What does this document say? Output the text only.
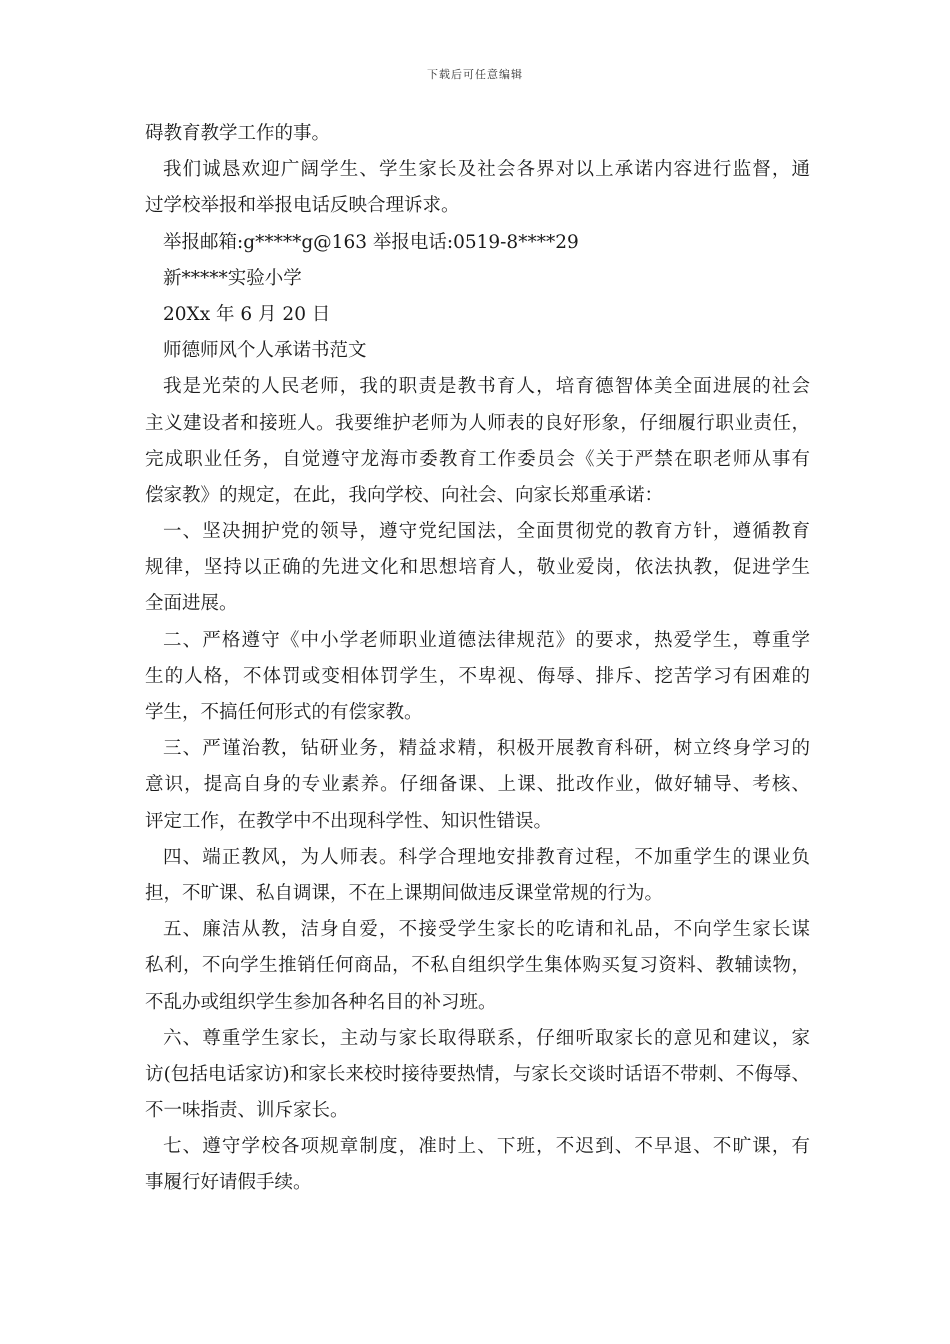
下载后可任意编辑
碍教育教学工作的事。
我们诚恳欢迎广阔学生、学生家长及社会各界对以上承诺内容进行监督，通
过学校举报和举报电话反映合理诉求。
举报邮箱:g*****g@163 举报电话:0519-8****29
新*****实验小学
20Xx 年 6 月 20 日
师德师风个人承诺书范文
我是光荣的人民老师，我的职责是教书育人，培育德智体美全面进展的社会
主义建设者和接班人。我要维护老师为人师表的良好形象，仔细履行职业责任，
完成职业任务，自觉遵守龙海市委教育工作委员会《关于严禁在职老师从事有
偿家教》的规定，在此，我向学校、向社会、向家长郑重承诺：
一、坚决拥护党的领导，遵守党纪国法，全面贯彻党的教育方针，遵循教育
规律，坚持以正确的先进文化和思想培育人，敬业爱岗，依法执教，促进学生
全面进展。
二、严格遵守《中小学老师职业道德法律规范》的要求，热爱学生，尊重学
生的人格，不体罚或变相体罚学生，不卑视、侮辱、排斥、挖苦学习有困难的
学生，不搞任何形式的有偿家教。
三、严谨治教，钻研业务，精益求精，积极开展教育科研，树立终身学习的
意识，提高自身的专业素养。仔细备课、上课、批改作业，做好辅导、考核、
评定工作，在教学中不出现科学性、知识性错误。
四、端正教风，为人师表。科学合理地安排教育过程，不加重学生的课业负
担，不旷课、私自调课，不在上课期间做违反课堂常规的行为。
五、廉洁从教，洁身自爱，不接受学生家长的吃请和礼品，不向学生家长谋
私利，不向学生推销任何商品，不私自组织学生集体购买复习资料、教辅读物，
不乱办或组织学生参加各种名目的补习班。
六、尊重学生家长，主动与家长取得联系，仔细听取家长的意见和建议，家
访(包括电话家访)和家长来校时接待要热情，与家长交谈时话语不带刺、不侮辱、
不一味指责、训斥家长。
七、遵守学校各项规章制度，准时上、下班，不迟到、不早退、不旷课，有
事履行好请假手续。
